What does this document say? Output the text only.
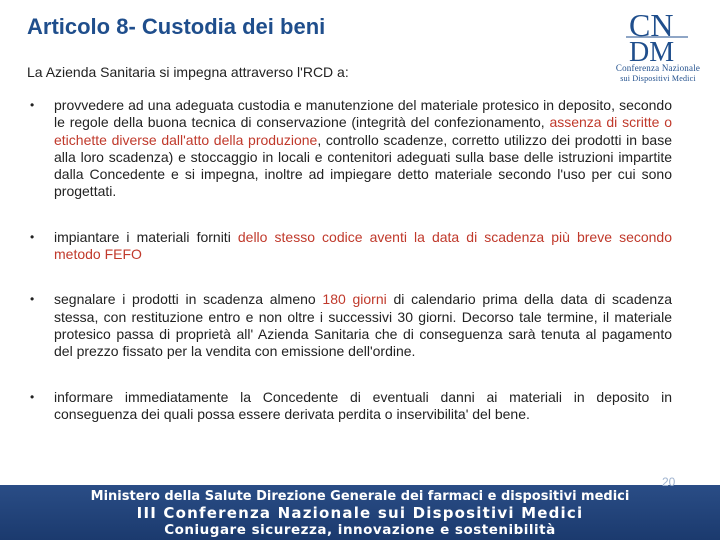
Articolo 8- Custodia dei beni	CN
DM
Conferenza Nazionale
sui Dispositivi Medici
La Azienda Sanitaria si impegna attraverso l'RCD a:
• provvedere ad una adeguata custodia e manutenzione del materiale protesico in deposito, secondo le regole della buona tecnica di conservazione (integrità del confezionamento, assenza di scritte o etichette diverse dall'atto della produzione, controllo scadenze, corretto utilizzo dei prodotti in base alla loro scadenza) e stoccaggio in locali e contenitori adeguati sulla base delle istruzioni impartite dalla Concedente e si impegna, inoltre ad impiegare detto materiale secondo l'uso per cui sono progettati.
• impiantare i materiali forniti dello stesso codice aventi la data di scadenza più breve secondo metodo FEFO
• segnalare i prodotti in scadenza almeno 180 giorni di calendario prima della data di scadenza stessa, con restituzione entro e non oltre i successivi 30 giorni. Decorso tale termine, il materiale protesico passa di proprietà all' Azienda Sanitaria che di conseguenza sarà tenuta al pagamento del prezzo fissato per la vendita con emissione dell'ordine.
• informare immediatamente la Concedente di eventuali danni ai materiali in deposito in conseguenza dei quali possa essere derivata perdita o inservibilita' del bene.
Ministero della Salute Direzione Generale dei farmaci e dispositivi medici
III Conferenza Nazionale sui Dispositivi Medici
Coniugare sicurezza, innovazione e sostenibilità
20
